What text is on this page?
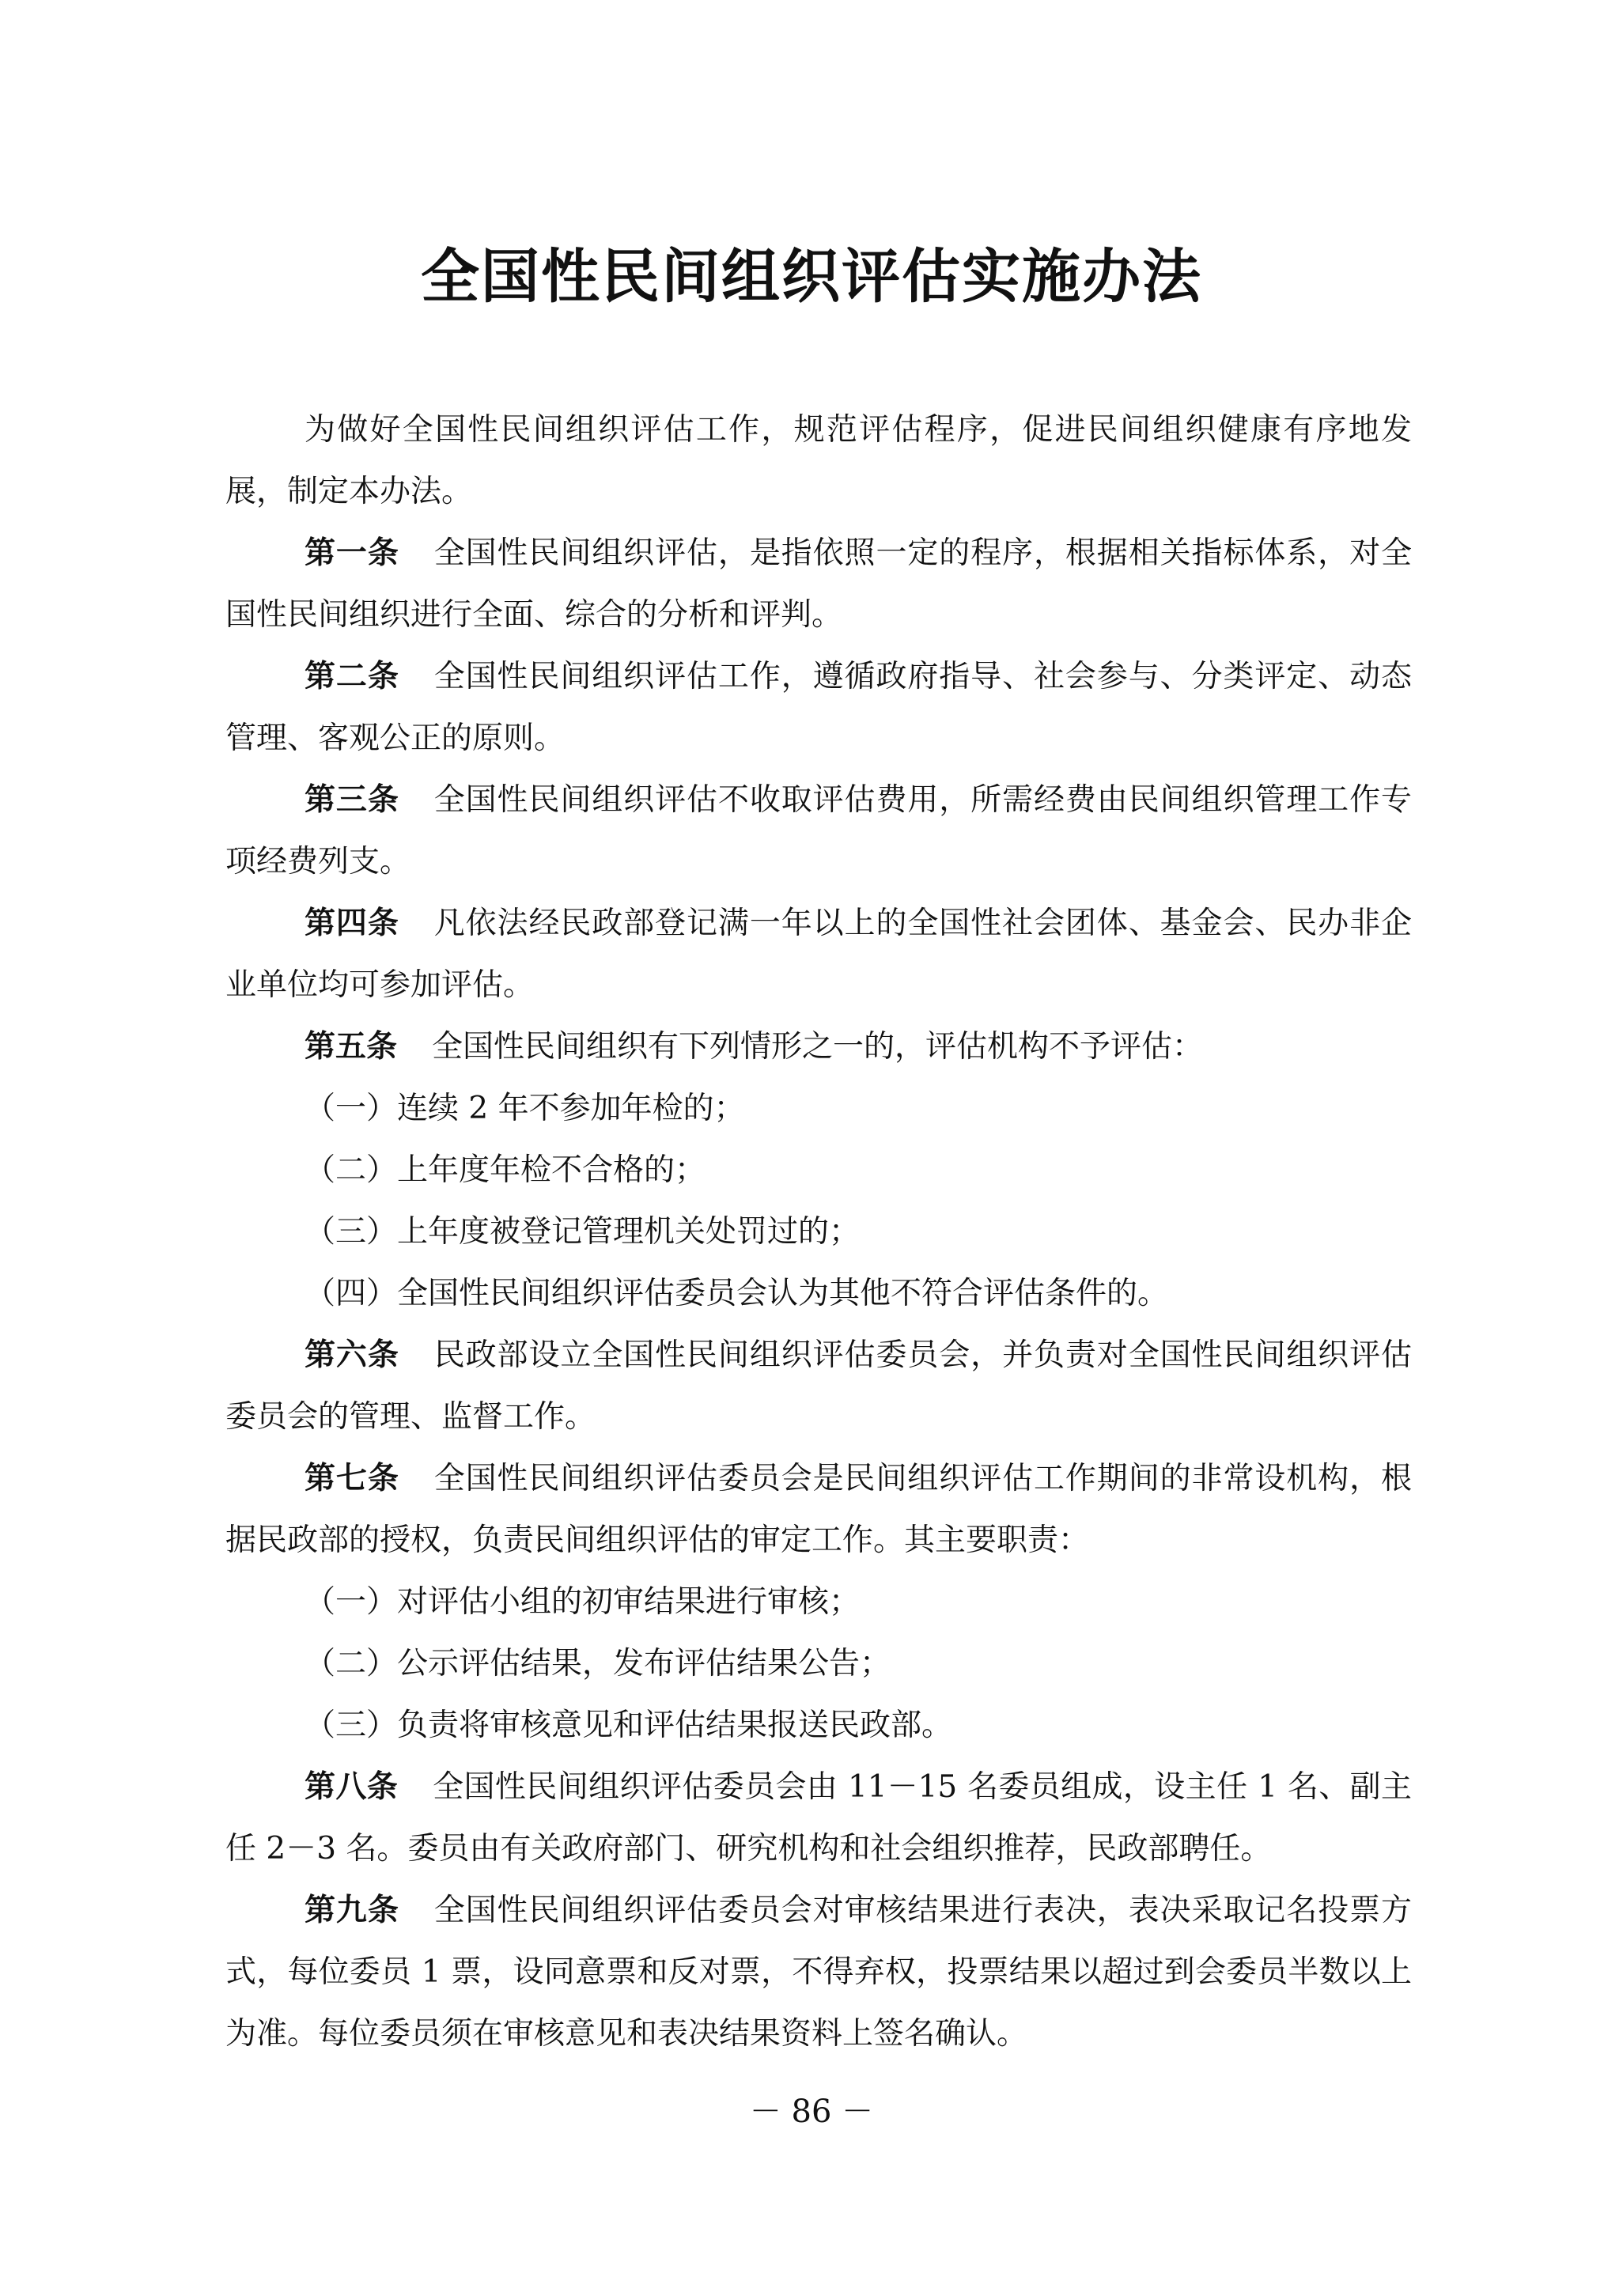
全国性民间组织评估实施办法

为做好全国性民间组织评估工作，规范评估程序，促进民间组织健康有序地发展，制定本办法。

第一条 全国性民间组织评估，是指依照一定的程序，根据相关指标体系，对全国性民间组织进行全面、综合的分析和评判。

第二条 全国性民间组织评估工作，遵循政府指导、社会参与、分类评定、动态管理、客观公正的原则。

第三条 全国性民间组织评估不收取评估费用，所需经费由民间组织管理工作专项经费列支。

第四条 凡依法经民政部登记满一年以上的全国性社会团体、基金会、民办非企业单位均可参加评估。

第五条 全国性民间组织有下列情形之一的，评估机构不予评估：

（一）连续 2 年不参加年检的；

（二）上年度年检不合格的；

（三）上年度被登记管理机关处罚过的；

（四）全国性民间组织评估委员会认为其他不符合评估条件的。

第六条 民政部设立全国性民间组织评估委员会，并负责对全国性民间组织评估委员会的管理、监督工作。

第七条 全国性民间组织评估委员会是民间组织评估工作期间的非常设机构，根据民政部的授权，负责民间组织评估的审定工作。其主要职责：

（一）对评估小组的初审结果进行审核；

（二）公示评估结果，发布评估结果公告；

（三）负责将审核意见和评估结果报送民政部。

第八条 全国性民间组织评估委员会由 11－15 名委员组成，设主任 1 名、副主任 2－3 名。委员由有关政府部门、研究机构和社会组织推荐，民政部聘任。

第九条 全国性民间组织评估委员会对审核结果进行表决，表决采取记名投票方式，每位委员 1 票，设同意票和反对票，不得弃权，投票结果以超过到会委员半数以上为准。每位委员须在审核意见和表决结果资料上签名确认。

－ 86 －
